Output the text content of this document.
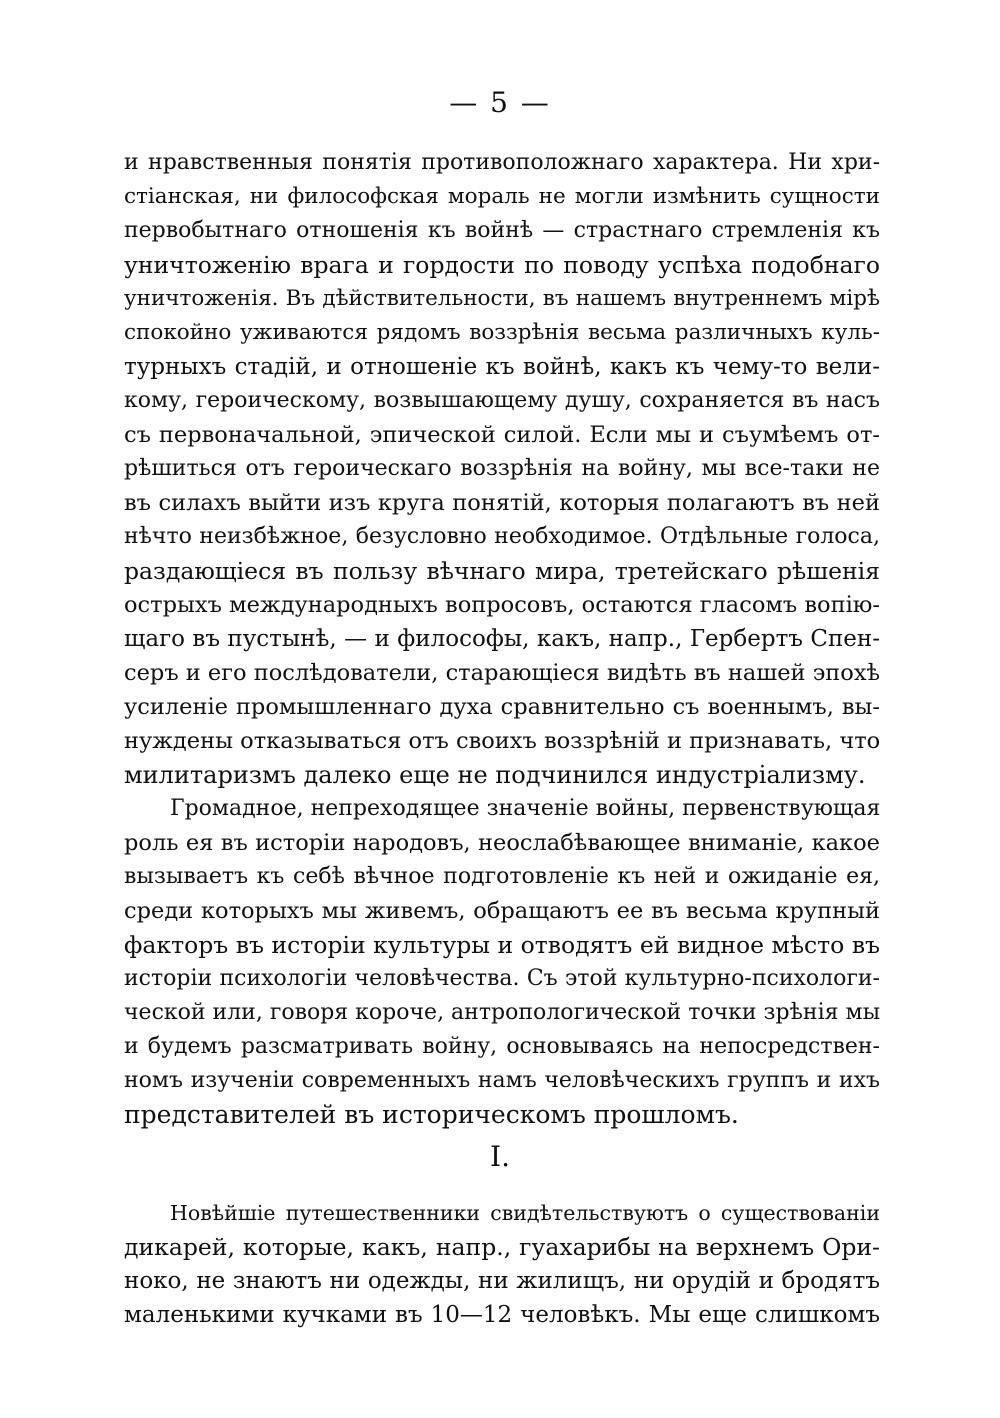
— 5 —
и нравственныя понятія противоположнаго характера. Ни хри-
стіанская, ни философская мораль не могли измѣнить сущности
первобытнаго отношенія къ войнѣ — страстнаго стремленія къ
уничтоженію врага и гордости по поводу успѣха подобнаго
уничтоженія. Въ дѣйствительности, въ нашемъ внутреннемъ мірѣ
спокойно уживаются рядомъ воззрѣнія весьма различныхъ куль-
турныхъ стадій, и отношеніе къ войнѣ, какъ къ чему-то вели-
кому, героическому, возвышающему душу, сохраняется въ насъ
съ первоначальной, эпической силой. Если мы и съумѣемъ от-
рѣшиться отъ героическаго воззрѣнія на войну, мы все-таки не
въ силахъ выйти изъ круга понятій, которыя полагаютъ въ ней
нѣчто неизбѣжное, безусловно необходимое. Отдѣльные голоса,
раздающіеся въ пользу вѣчнаго мира, третейскаго рѣшенія
острыхъ международныхъ вопросовъ, остаются гласомъ вопію-
щаго въ пустынѣ, — и философы, какъ, напр., Гербертъ Спен-
серъ и его послѣдователи, старающіеся видѣть въ нашей эпохѣ
усиленіе промышленнаго духа сравнительно съ военнымъ, вы-
нуждены отказываться отъ своихъ воззрѣній и признавать, что
милитаризмъ далеко еще не подчинился индустріализму.
Громадное, непреходящее значеніе войны, первенствующая
роль ея въ исторіи народовъ, неослабѣвающее вниманіе, какое
вызываетъ къ себѣ вѣчное подготовленіе къ ней и ожиданіе ея,
среди которыхъ мы живемъ, обращаютъ ее въ весьма крупный
факторъ въ исторіи культуры и отводятъ ей видное мѣсто въ
исторіи психологіи человѣчества. Съ этой культурно-психологи-
ческой или, говоря короче, антропологической точки зрѣнія мы
и будемъ разсматривать войну, основываясь на непосредствен-
номъ изученіи современныхъ намъ человѣческихъ группъ и ихъ
представителей въ историческомъ прошломъ.
I.
Новѣйшіе путешественники свидѣтельствуютъ о существованіи
дикарей, которые, какъ, напр., гуахарибы на верхнемъ Ори-
ноко, не знаютъ ни одежды, ни жилищъ, ни орудій и бродятъ
маленькими кучками въ 10—12 человѣкъ. Мы еще слишкомъ
